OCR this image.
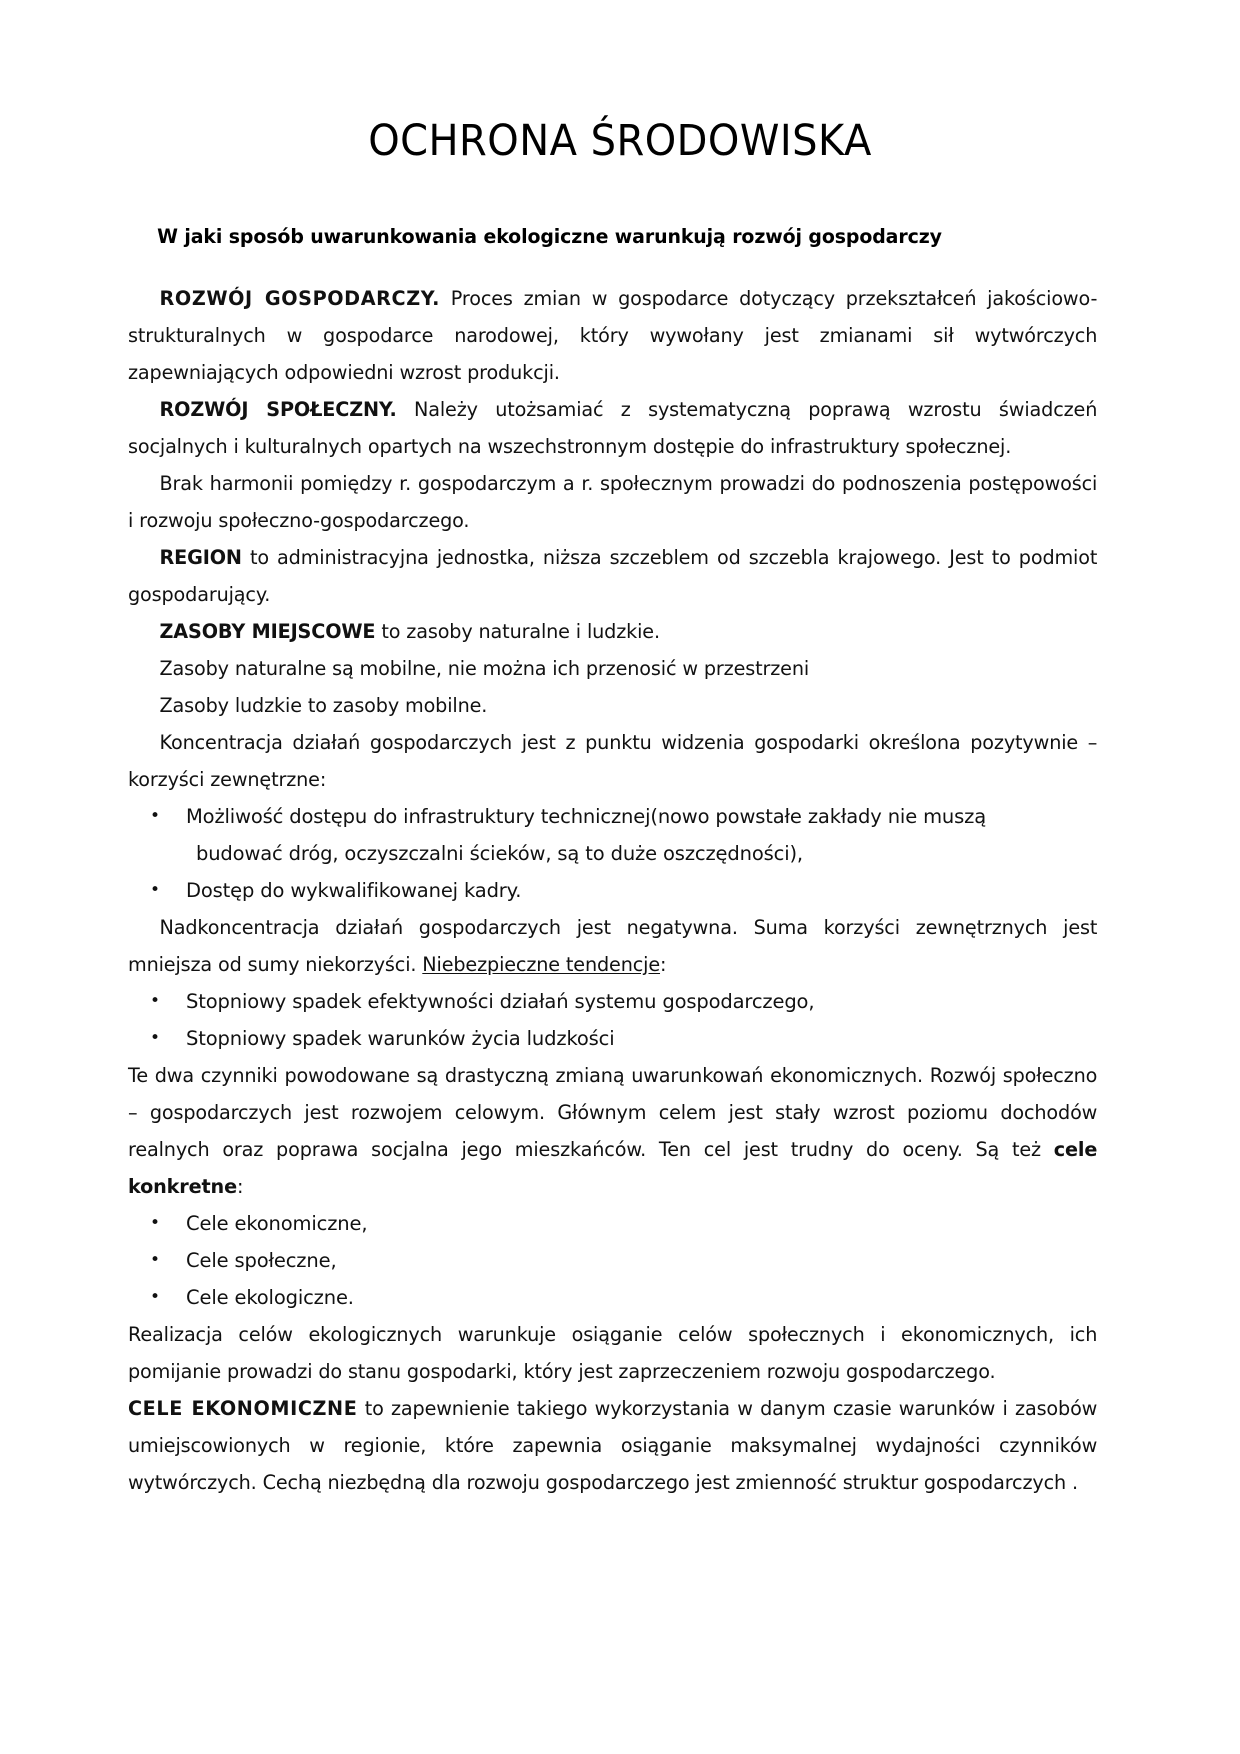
OCHRONA ŚRODOWISKA
W jaki sposób uwarunkowania ekologiczne warunkują rozwój gospodarczy

ROZWÓJ GOSPODARCZY. Proces zmian w gospodarce dotyczący przekształceń jakościowo-strukturalnych w gospodarce narodowej, który wywołany jest zmianami sił wytwórczych zapewniających odpowiedni wzrost produkcji.

ROZWÓJ SPOŁECZNY. Należy utożsamiać z systematyczną poprawą wzrostu świadczeń socjalnych i kulturalnych opartych na wszechstronnym dostępie do infrastruktury społecznej.

Brak harmonii pomiędzy r. gospodarczym a r. społecznym prowadzi do podnoszenia postępowości i rozwoju społeczno-gospodarczego.

REGION to administracyjna jednostka, niższa szczeblem od szczebla krajowego. Jest to podmiot gospodarujący.

ZASOBY MIEJSCOWE to zasoby naturalne i ludzkie.

Zasoby naturalne są mobilne, nie można ich przenosić w przestrzeni

Zasoby ludzkie to zasoby mobilne.

Koncentracja działań gospodarczych jest z punktu widzenia gospodarki określona pozytywnie – korzyści zewnętrzne:

• Możliwość dostępu do infrastruktury technicznej(nowo powstałe zakłady nie muszą
budować dróg, oczyszczalni ścieków, są to duże oszczędności),
• Dostęp do wykwalifikowanej kadry.

Nadkoncentracja działań gospodarczych jest negatywna. Suma korzyści zewnętrznych jest mniejsza od sumy niekorzyści. Niebezpieczne tendencje:

• Stopniowy spadek efektywności działań systemu gospodarczego,
• Stopniowy spadek warunków życia ludzkości

Te dwa czynniki powodowane są drastyczną zmianą uwarunkowań ekonomicznych. Rozwój społeczno – gospodarczych jest rozwojem celowym. Głównym celem jest stały wzrost poziomu dochodów realnych oraz poprawa socjalna jego mieszkańców. Ten cel jest trudny do oceny. Są też cele konkretne:

• Cele ekonomiczne,
• Cele społeczne,
• Cele ekologiczne.

Realizacja celów ekologicznych warunkuje osiąganie celów społecznych i ekonomicznych, ich pomijanie prowadzi do stanu gospodarki, który jest zaprzeczeniem rozwoju gospodarczego.

CELE EKONOMICZNE to zapewnienie takiego wykorzystania w danym czasie warunków i zasobów umiejscowionych w regionie, które zapewnia osiąganie maksymalnej wydajności czynników wytwórczych. Cechą niezbędną dla rozwoju gospodarczego jest zmienność struktur gospodarczych .
